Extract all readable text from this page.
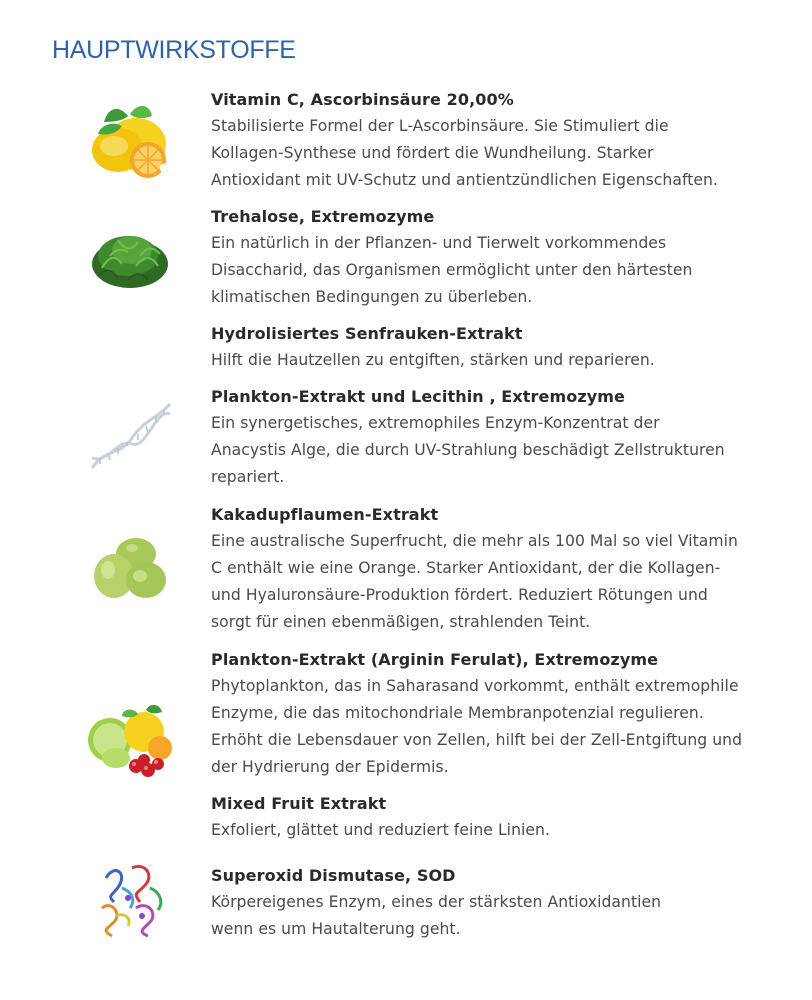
HAUPTWIRKSTOFFE
Vitamin C, Ascorbinsäure 20,00%

Stabilisierte Formel der L-Ascorbinsäure. Sie Stimuliert die

Kollagen-Synthese und fördert die Wundheilung. Starker

Antioxidant mit UV-Schutz und antientzündlichen Eigenschaften.

Trehalose, Extremozyme

Ein natürlich in der Pflanzen- und Tierwelt vorkommendes

Disaccharid, das Organismen ermöglicht unter den härtesten

klimatischen Bedingungen zu überleben.

Hydrolisiertes Senfrauken-Extrakt

Hilft die Hautzellen zu entgiften, stärken und reparieren.

Plankton-Extrakt und Lecithin , Extremozyme

Ein synergetisches, extremophiles Enzym-Konzentrat der

Anacystis Alge, die durch UV-Strahlung beschädigt Zellstrukturen

repariert.

Kakadupflaumen-Extrakt

Eine australische Superfrucht, die mehr als 100 Mal so viel Vitamin

C enthält wie eine Orange. Starker Antioxidant, der die Kollagen-

und Hyaluronsäure-Produktion fördert. Reduziert Rötungen und

sorgt für einen ebenmäßigen, strahlenden Teint.

Plankton-Extrakt (Arginin Ferulat), Extremozyme

Phytoplankton, das in Saharasand vorkommt, enthält extremophile

Enzyme, die das mitochondriale Membranpotenzial regulieren.

Erhöht die Lebensdauer von Zellen, hilft bei der Zell-Entgiftung und

der Hydrierung der Epidermis.

Mixed Fruit Extrakt

Exfoliert, glättet und reduziert feine Linien.

Superoxid Dismutase, SOD

Körpereigenes Enzym, eines der stärksten Antioxidantien

wenn es um Hautalterung geht.
